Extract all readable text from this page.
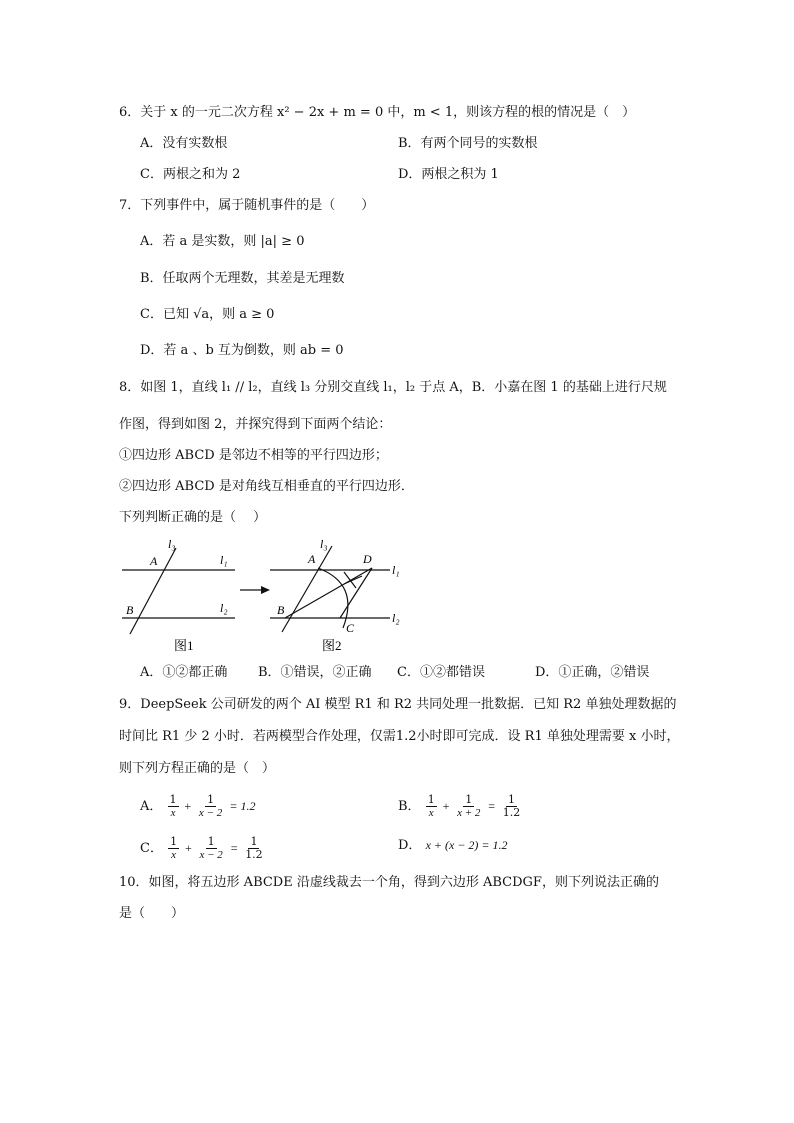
6．关于 x 的一元二次方程 x² − 2x + m = 0 中，m < 1，则该方程的根的情况是（　）
A．没有实数根	B．有两个同号的实数根
C．两根之和为 2	D．两根之积为 1
7．下列事件中，属于随机事件的是（　　）
A．若 a 是实数，则 |a| ≥ 0
B．任取两个无理数，其差是无理数
C．已知 √a，则 a ≥ 0
D．若 a 、b 互为倒数，则 ab = 0
8．如图 1，直线 l₁ // l₂，直线 l₃ 分别交直线 l₁，l₂ 于点 A，B．小嘉在图 1 的基础上进行尺规
作图，得到如图 2，并探究得到下面两个结论：
①四边形 ABCD 是邻边不相等的平行四边形；
②四边形 ABCD 是对角线互相垂直的平行四边形．
下列判断正确的是（　 ）
l₃
A	l₁
B	l₂
图1
l₃
A	D
l₁
B
l₂
C
图2
A．①②都正确 B．①错误，②正确 C．①②都错误	D．①正确，②错误
9．DeepSeek 公司研发的两个 AI 模型 R1 和 R2 共同处理一批数据．已知 R2 单独处理数据的
时间比 R1 少 2 小时．若两模型合作处理，仅需1.2小时即可完成．设 R1 单独处理需要 x 小时，
则下列方程正确的是（　）
A． $\frac{1}{x} + \frac{1}{x - 2} = 1.2$	B． $\frac{1}{x} + \frac{1}{x + 2} = \frac{1}{1.2}$
C． $\frac{1}{x} + \frac{1}{x - 2} = \frac{1}{1.2}$	D． x + (x − 2) = 1.2
10．如图，将五边形 ABCDE 沿虚线裁去一个角，得到六边形 ABCDGF，则下列说法正确的
是（　　）
